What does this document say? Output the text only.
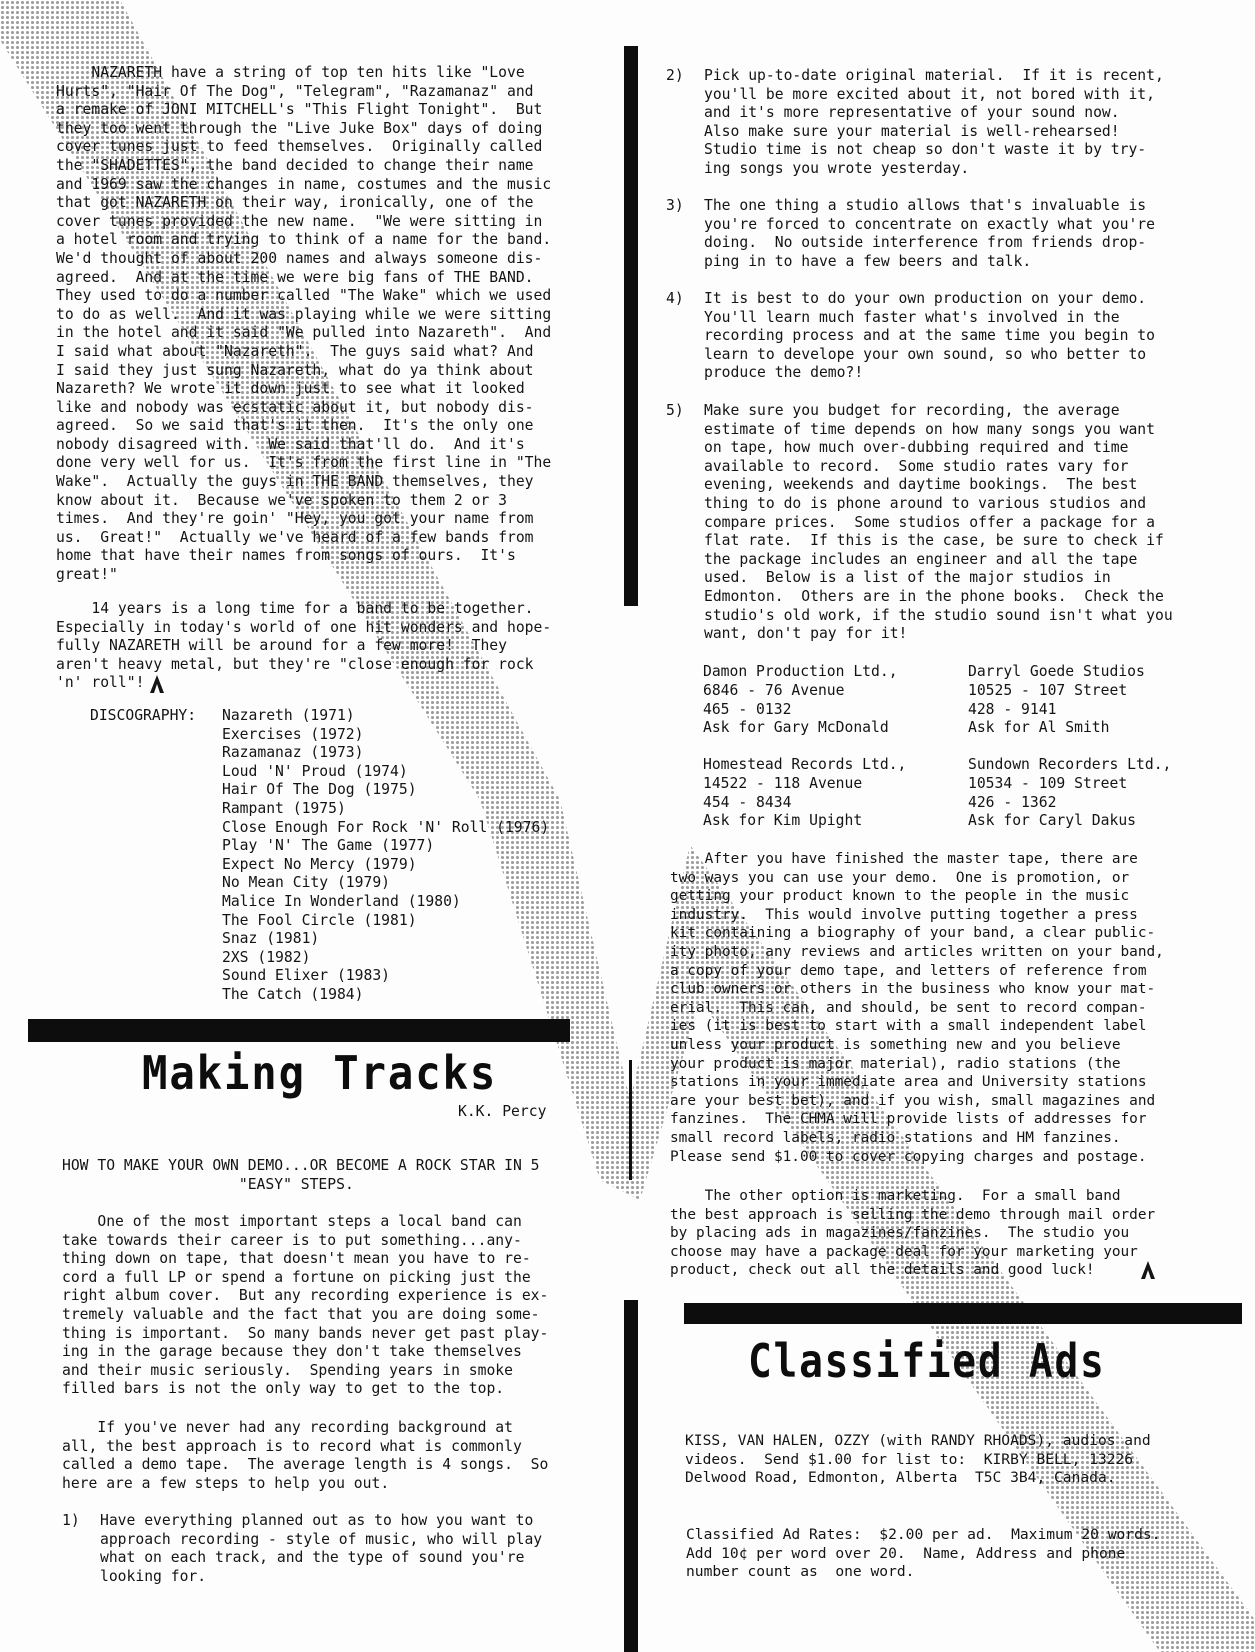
NAZARETH have a string of top ten hits like "Love
Hurts", "Hair Of The Dog", "Telegram", "Razamanaz" and
a remake of JONI MITCHELL's "This Flight Tonight".  But
they too went through the "Live Juke Box" days of doing
cover tunes just to feed themselves.  Originally called
the "SHADETTES", the band decided to change their name
and 1969 saw the changes in name, costumes and the music
that got NAZARETH on their way, ironically, one of the
cover tunes provided the new name.  "We were sitting in
a hotel room and trying to think of a name for the band.
We'd thought of about 200 names and always someone dis-
agreed.  And at the time we were big fans of THE BAND.
They used to do a number called "The Wake" which we used
to do as well.  And it was playing while we were sitting
in the hotel and it said "We pulled into Nazareth".  And
I said what about "Nazareth".  The guys said what? And
I said they just sung Nazareth, what do ya think about
Nazareth? We wrote it down just to see what it looked
like and nobody was ecstatic about it, but nobody dis-
agreed.  So we said that's it then.  It's the only one
nobody disagreed with.  We said that'll do.  And it's
done very well for us.  It's from the first line in "The
Wake".  Actually the guys in THE BAND themselves, they
know about it.  Because we've spoken to them 2 or 3
times.  And they're goin' "Hey, you got your name from
us.  Great!"  Actually we've heard of a few bands from
home that have their names from songs of ours.  It's
great!"
14 years is a long time for a band to be together.
Especially in today's world of one hit wonders and hope-
fully NAZARETH will be around for a few more!  They
aren't heavy metal, but they're "close enough for rock
'n' roll"!
DISCOGRAPHY: Nazareth (1971)
Exercises (1972)
Razamanaz (1973)
Loud 'N' Proud (1974)
Hair Of The Dog (1975)
Rampant (1975)
Close Enough For Rock 'N' Roll (1976)
Play 'N' The Game (1977)
Expect No Mercy (1979)
No Mean City (1979)
Malice In Wonderland (1980)
The Fool Circle (1981)
Snaz (1981)
2XS (1982)
Sound Elixer (1983)
The Catch (1984)
Making Tracks
K.K. Percy
HOW TO MAKE YOUR OWN DEMO...OR BECOME A ROCK STAR IN 5
"EASY" STEPS.
One of the most important steps a local band can
take towards their career is to put something...any-
thing down on tape, that doesn't mean you have to re-
cord a full LP or spend a fortune on picking just the
right album cover.  But any recording experience is ex-
tremely valuable and the fact that you are doing some-
thing is important.  So many bands never get past play-
ing in the garage because they don't take themselves
and their music seriously.  Spending years in smoke
filled bars is not the only way to get to the top.
If you've never had any recording background at
all, the best approach is to record what is commonly
called a demo tape.  The average length is 4 songs.  So
here are a few steps to help you out.

1)

	Have everything planned out as to how you want to
approach recording - style of music, who will play
what on each track, and the type of sound you're
looking for.

2)

	Pick up-to-date original material.  If it is recent,
you'll be more excited about it, not bored with it,
and it's more representative of your sound now.
Also make sure your material is well-rehearsed!
Studio time is not cheap so don't waste it by try-
ing songs you wrote yesterday.

3)

	The one thing a studio allows that's invaluable is
you're forced to concentrate on exactly what you're
doing.  No outside interference from friends drop-
ping in to have a few beers and talk.

4)

	It is best to do your own production on your demo.
You'll learn much faster what's involved in the
recording process and at the same time you begin to
learn to develope your own sound, so who better to
produce the demo?!

5)

	Make sure you budget for recording, the average
estimate of time depends on how many songs you want
on tape, how much over-dubbing required and time
available to record.  Some studio rates vary for
evening, weekends and daytime bookings.  The best
thing to do is phone around to various studios and
compare prices.  Some studios offer a package for a
flat rate.  If this is the case, be sure to check if
the package includes an engineer and all the tape
used.  Below is a list of the major studios in
Edmonton.  Others are in the phone books.  Check the
studio's old work, if the studio sound isn't what you
want, don't pay for it!

Damon Production Ltd.,
6846 - 76 Avenue
465 - 0132
Ask for Gary McDonald
Darryl Goede Studios
10525 - 107 Street
428 - 9141
Ask for Al Smith
Homestead Records Ltd.,
14522 - 118 Avenue
454 - 8434
Ask for Kim Upight
Sundown Recorders Ltd.,
10534 - 109 Street
426 - 1362
Ask for Caryl Dakus
After you have finished the master tape, there are
two ways you can use your demo.  One is promotion, or
getting your product known to the people in the music
industry.  This would involve putting together a press
kit containing a biography of your band, a clear public-
ity photo, any reviews and articles written on your band,
a copy of your demo tape, and letters of reference from
club owners or others in the business who know your mat-
erial.  This can, and should, be sent to record compan-
ies (it is best to start with a small independent label
unless your product is something new and you believe
your product is major material), radio stations (the
stations in your immediate area and University stations
are your best bet), and if you wish, small magazines and
fanzines.  The CHMA will provide lists of addresses for
small record labels, radio stations and HM fanzines.
Please send $1.00 to cover copying charges and postage.
The other option is marketing.  For a small band
the best approach is selling the demo through mail order
by placing ads in magazines/fanzines.  The studio you
choose may have a package deal for your marketing your
product, check out all the details and good luck!
Classified Ads
KISS, VAN HALEN, OZZY (with RANDY RHOADS), audios and
videos.  Send $1.00 for list to:  KIRBY BELL, 13226
Delwood Road, Edmonton, Alberta  T5C 3B4, Canada.
Classified Ad Rates:  $2.00 per ad.  Maximum 20 words.
Add 10¢ per word over 20.  Name, Address and phone
number count as  one word.
